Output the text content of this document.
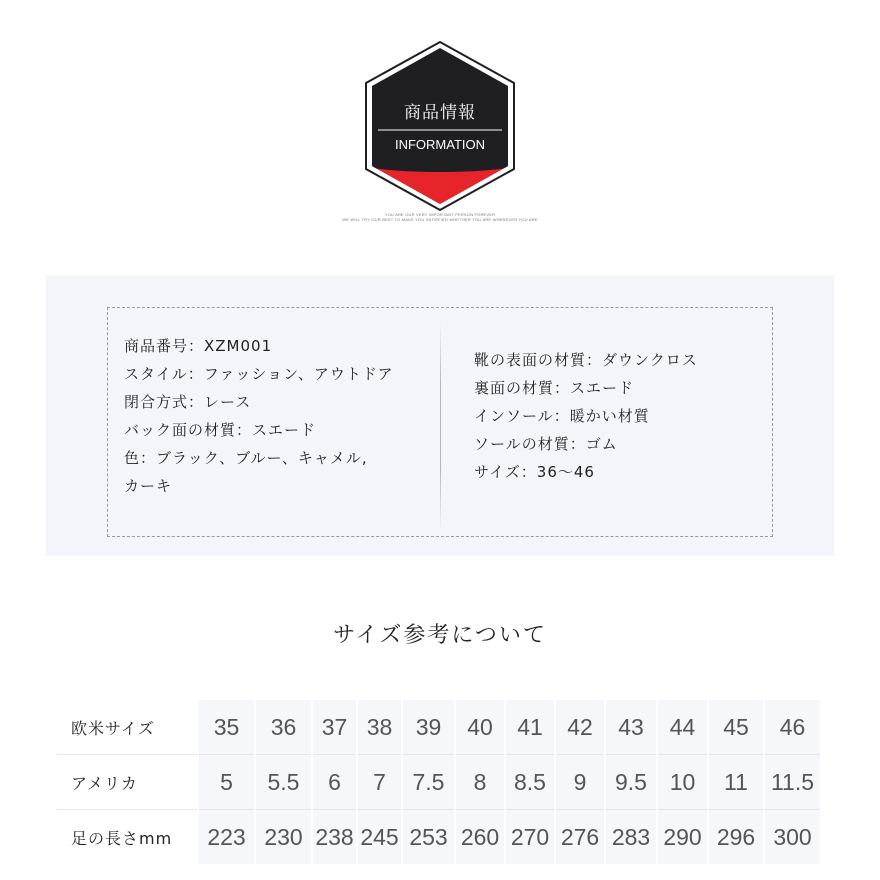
商品情報
INFORMATION
YOU ARE OUR VERY IMPORTANT PERSON FOREVER
WE WILL TRY OUR BEST TO MAKE YOU SATISFIED WHETHER YOU ARE WHEREVER YOU ARE
商品番号：XZM001
スタイル：ファッション、アウトドア
閉合方式：レース
バック面の材質：スエード
色：ブラック、ブルー、キャメル,
カーキ
靴の表面の材質：ダウンクロス
裏面の材質：スエード
インソール：暖かい材質
ソールの材質：ゴム
サイズ：36～46
サイズ参考について
欧米サイズ	35	36	37	38	39	40	41	42	43	44	45	46
アメリカ	5	5.5	6	7	7.5	8	8.5	9	9.5	10	11	11.5
足の長さmm	223	230	238	245	253	260	270	276	283	290	296	300
